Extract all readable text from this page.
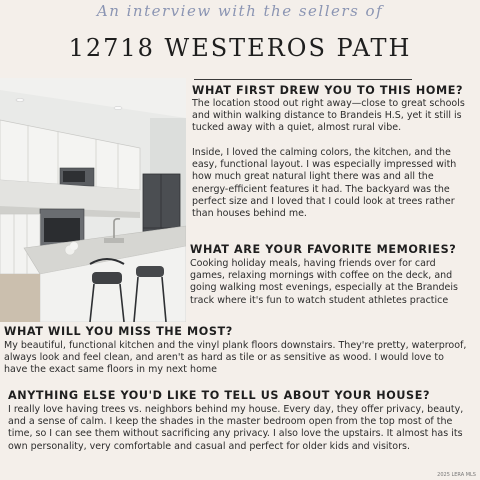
An interview with the sellers of
12718 WESTEROS PATH
WHAT FIRST DREW YOU TO THIS HOME?

The location stood out right away—close to great schools and within walking distance to Brandeis H.S, yet it still is tucked away with a quiet, almost rural vibe.

Inside, I loved the calming colors, the kitchen, and the easy, functional layout. I was especially impressed with how much great natural light there was and all the energy-efficient features it had. The backyard was the perfect size and I loved that I could look at trees rather than houses behind me.

WHAT ARE YOUR FAVORITE MEMORIES?

Cooking holiday meals, having friends over for card games, relaxing mornings with coffee on the deck, and going walking most evenings, especially at the Brandeis track where it's fun to watch student athletes practice

WHAT WILL YOU MISS THE MOST?

My beautiful, functional kitchen and the vinyl plank floors downstairs. They're pretty, waterproof, always look and feel clean, and aren't as hard as tile or as sensitive as wood. I would love to have the exact same floors in my next home

ANYTHING ELSE YOU'D LIKE TO TELL US ABOUT YOUR HOUSE?

I really love having trees vs. neighbors behind my house. Every day, they offer privacy, beauty, and a sense of calm. I keep the shades in the master bedroom open from the top most of the time, so I can see them without sacrificing any privacy. I also love the upstairs. It almost has its own personality, very comfortable and casual and perfect for older kids and visitors.

2025 LERA MLS
